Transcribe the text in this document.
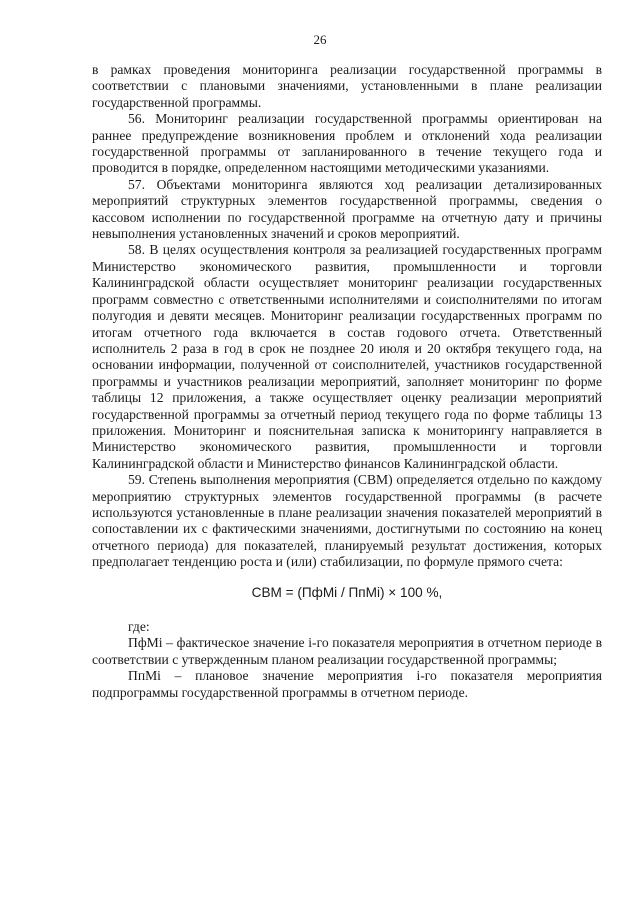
26

в рамках проведения мониторинга реализации государственной программы в соответствии с плановыми значениями, установленными в плане реализации государственной программы.

56. Мониторинг реализации государственной программы ориентирован на раннее предупреждение возникновения проблем и отклонений хода реализации государственной программы от запланированного в течение текущего года и проводится в порядке, определенном настоящими методическими указаниями.

57. Объектами мониторинга являются ход реализации детализированных мероприятий структурных элементов государственной программы, сведения о кассовом исполнении по государственной программе на отчетную дату и причины невыполнения установленных значений и сроков мероприятий.

58. В целях осуществления контроля за реализацией государственных программ Министерство экономического развития, промышленности и торговли Калининградской области осуществляет мониторинг реализации государственных программ совместно с ответственными исполнителями и соисполнителями по итогам полугодия и девяти месяцев. Мониторинг реализации государственных программ по итогам отчетного года включается в состав годового отчета. Ответственный исполнитель 2 раза в год в срок не позднее 20 июля и 20 октября текущего года, на основании информации, полученной от соисполнителей, участников государственной программы и участников реализации мероприятий, заполняет мониторинг по форме таблицы 12 приложения, а также осуществляет оценку реализации мероприятий государственной программы за отчетный период текущего года по форме таблицы 13 приложения. Мониторинг и пояснительная записка к мониторингу направляется в Министерство экономического развития, промышленности и торговли Калининградской области и Министерство финансов Калининградской области.

59. Степень выполнения мероприятия (СВМ) определяется отдельно по каждому мероприятию структурных элементов государственной программы (в расчете используются установленные в плане реализации значения показателей мероприятий в сопоставлении их с фактическими значениями, достигнутыми по состоянию на конец отчетного периода) для показателей, планируемый результат достижения, которых предполагает тенденцию роста и (или) стабилизации, по формуле прямого счета:

СВМ = (ПфMi / ПпMi) × 100 %,

где:

ПфMi – фактическое значение i-го показателя мероприятия в отчетном периоде в соответствии с утвержденным планом реализации государственной программы;

ПпMi – плановое значение мероприятия i-го показателя мероприятия подпрограммы государственной программы в отчетном периоде.
